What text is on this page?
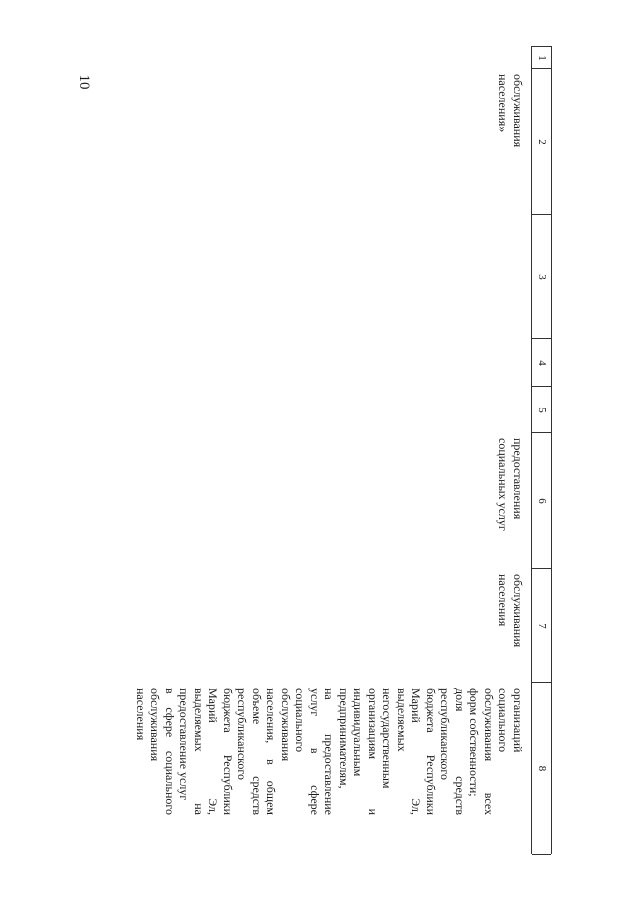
10
1
2
3
4
5
6
7
8
обслуживания
населения»
предоставления
социальных услуг
обслуживания
населения
организаций
социального
обслуживания всех
форм собственности;
доля средств
республиканского
бюджета Республики
Марий Эл,
выделяемых
негосударственным
организациям и
индивидуальным
предпринимателям,
на предоставление
услуг в сфере
социального
обслуживания
населения, в общем
объеме средств
республиканского
бюджета Республики
Марий Эл,
выделяемых на
предоставление услуг
в сфере социального
обслуживания
населения
